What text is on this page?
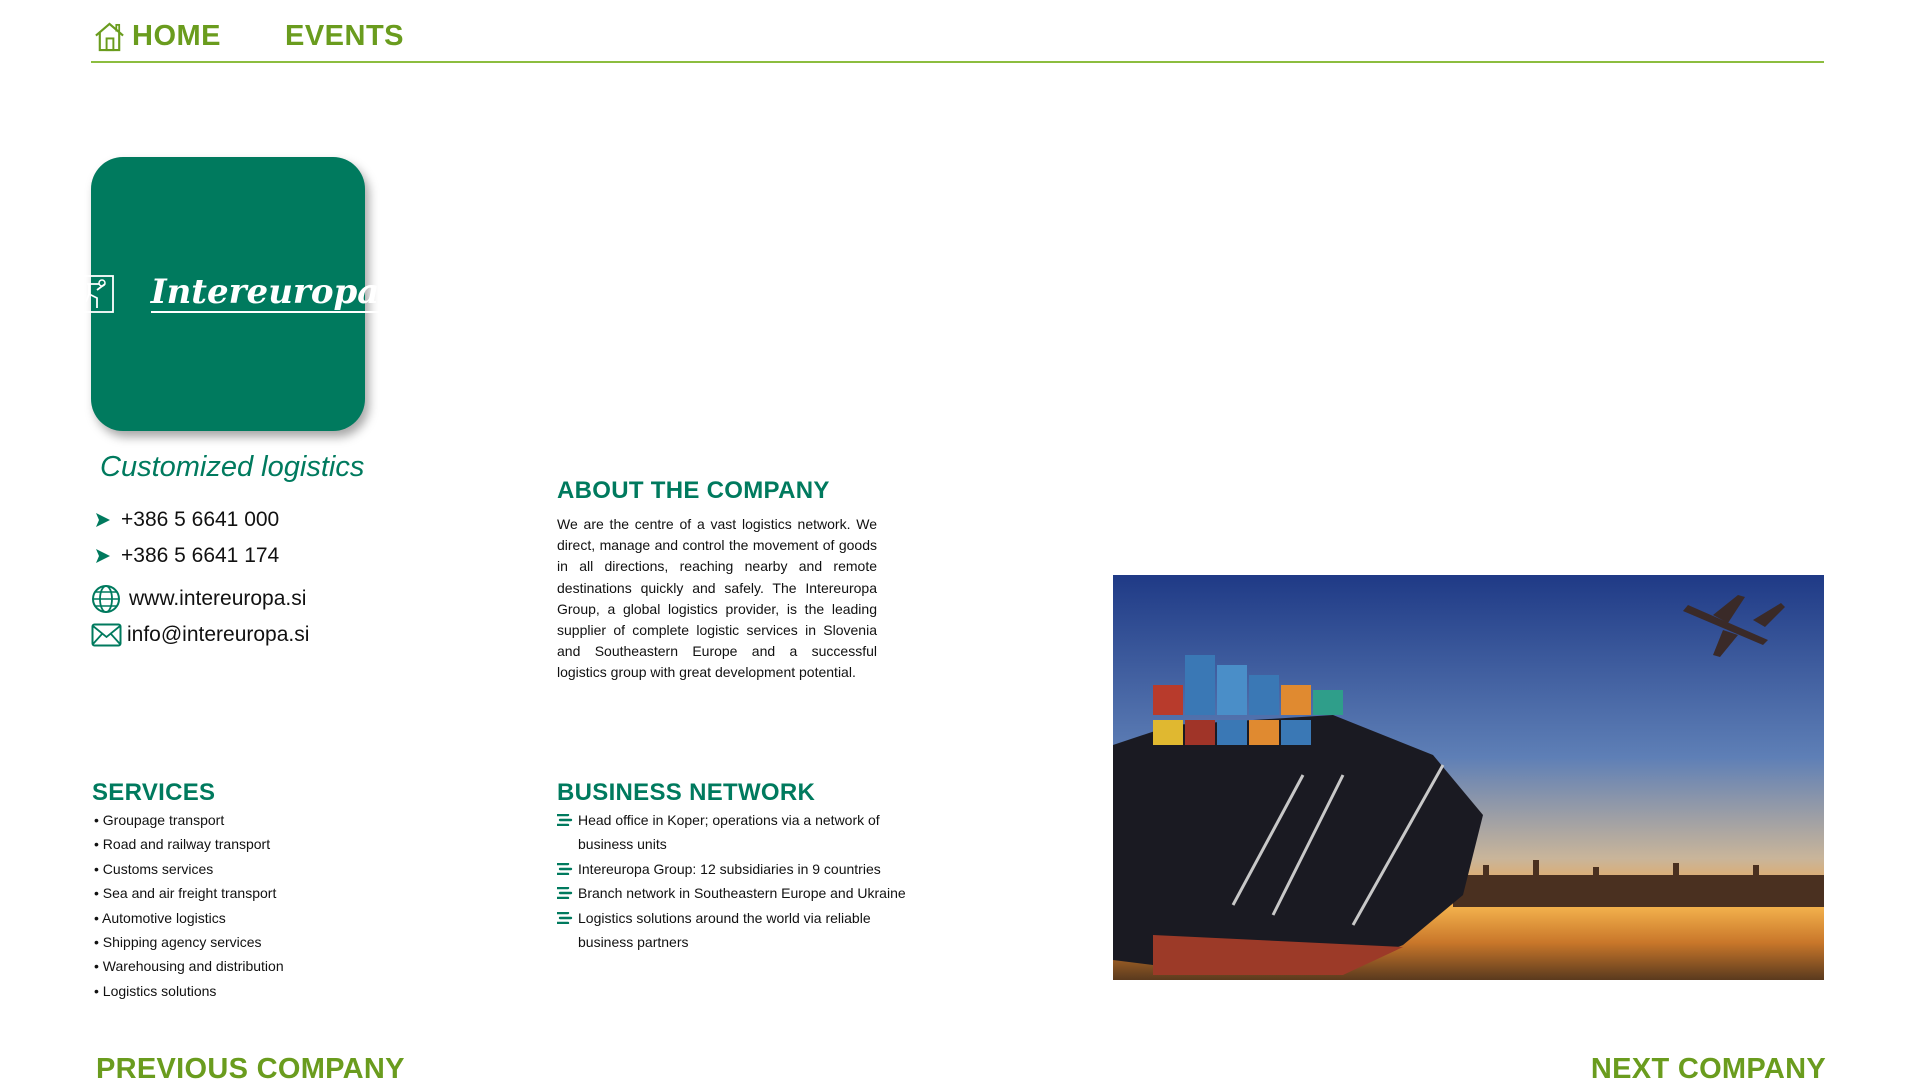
HOME EVENTS
Intereuropa ®
Customized logistics
+386 5 6641 000
+386 5 6641 174
www.intereuropa.si
info@intereuropa.si
ABOUT THE COMPANY

We are the centre of a vast logistics network. We direct, manage and control the movement of goods in all directions, reaching nearby and remote destinations quickly and safely. The Intereuropa Group, a global logistics provider, is the leading supplier of complete logistic services in Slovenia and Southeastern Europe and a successful logistics group with great development potential.

SERVICES
• Groupage transport
• Road and railway transport
• Customs services
• Sea and air freight transport
• Automotive logistics
• Shipping agency services
• Warehousing and distribution
• Logistics solutions
BUSINESS NETWORK
Head office in Koper; operations via a network of business units
Intereuropa Group: 12 subsidiaries in 9 countries
Branch network in Southeastern Europe and Ukraine
Logistics solutions around the world via reliable business partners
PREVIOUS COMPANY	NEXT COMPANY
